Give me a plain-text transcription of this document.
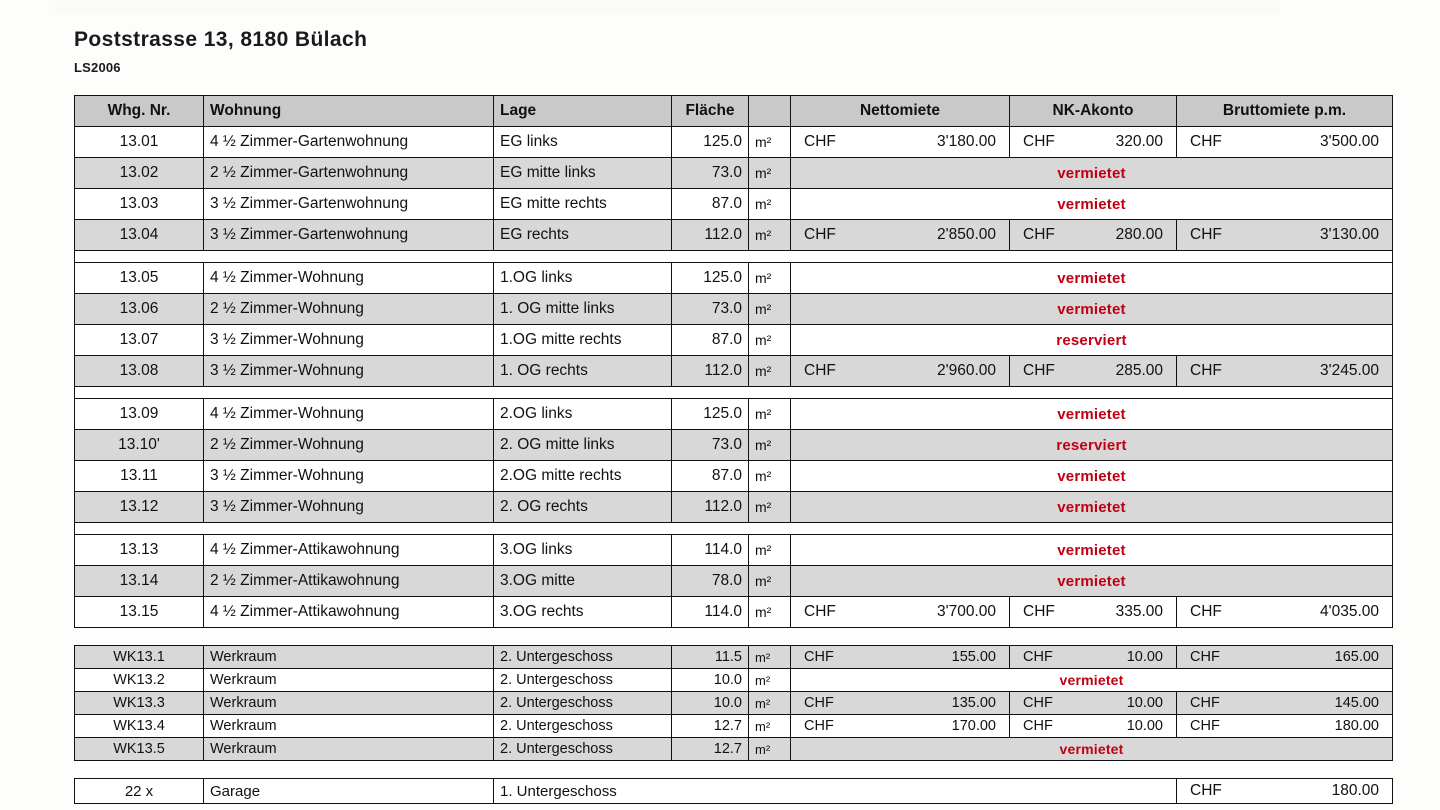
Poststrasse 13, 8180 Bülach
LS2006
Whg. Nr.	Wohnung	Lage	Fläche		Nettomiete	NK-Akonto	Bruttomiete p.m.
13.01	4 ½ Zimmer-Gartenwohnung	EG links	125.0	m²	CHF 3'180.00	CHF 320.00	CHF 3'500.00

13.02	2 ½ Zimmer-Gartenwohnung	EG mitte links	73.0	m²	vermietet		
13.03	3 ½ Zimmer-Gartenwohnung	EG mitte rechts	87.0	m²	vermietet		
13.04	3 ½ Zimmer-Gartenwohnung	EG rechts	112.0	m²	CHF 2'850.00	CHF 280.00	CHF 3'130.00

13.05	4 ½ Zimmer-Wohnung	1.OG links	125.0	m²	vermietet		
13.06	2 ½ Zimmer-Wohnung	1. OG mitte links	73.0	m²	vermietet		
13.07	3 ½ Zimmer-Wohnung	1.OG mitte rechts	87.0	m²	reserviert		
13.08	3 ½ Zimmer-Wohnung	1. OG rechts	112.0	m²	CHF 2'960.00	CHF 285.00	CHF 3'245.00

13.09	4 ½ Zimmer-Wohnung	2.OG links	125.0	m²	vermietet		
13.10'	2 ½ Zimmer-Wohnung	2. OG mitte links	73.0	m²	reserviert		
13.11	3 ½ Zimmer-Wohnung	2.OG mitte rechts	87.0	m²	vermietet		
13.12	3 ½ Zimmer-Wohnung	2. OG rechts	112.0	m²	vermietet		

13.13	4 ½ Zimmer-Attikawohnung	3.OG links	114.0	m²	vermietet		
13.14	2 ½ Zimmer-Attikawohnung	3.OG mitte	78.0	m²	vermietet		
13.15	4 ½ Zimmer-Attikawohnung	3.OG rechts	114.0	m²	CHF 3'700.00	CHF 335.00	CHF 4'035.00

WK13.1	Werkraum	2. Untergeschoss	11.5	m²	CHF 155.00	CHF 10.00	CHF 165.00

WK13.2	Werkraum	2. Untergeschoss	10.0	m²	vermietet		
WK13.3	Werkraum	2. Untergeschoss	10.0	m²	CHF 135.00	CHF 10.00	CHF 145.00

WK13.4	Werkraum	2. Untergeschoss	12.7	m²	CHF 170.00	CHF 10.00	CHF 180.00

WK13.5	Werkraum	2. Untergeschoss	12.7	m²	vermietet		

22 x	Garage	1. Untergeschoss					CHF 180.00
